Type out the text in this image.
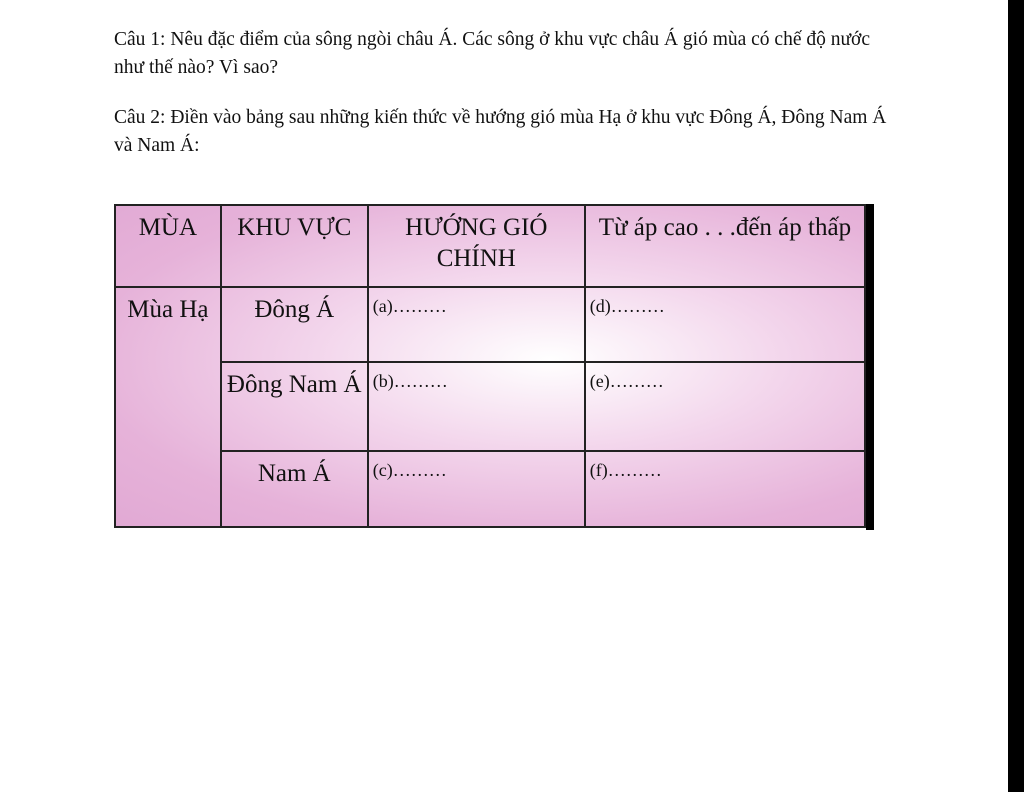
Câu 1: Nêu đặc điểm của sông ngòi châu Á. Các sông ở khu vực châu Á gió mùa có chế độ nước như thế nào? Vì sao?

Câu 2: Điền vào bảng sau những kiến thức về hướng gió mùa Hạ ở khu vực Đông Á, Đông Nam Á và Nam Á:

MÙA	KHU VỰC	HƯỚNG GIÓ CHÍNH	Từ áp cao . . .đến áp thấp
Mùa Hạ	Đông Á	(a)………	(d)………
	Đông Nam Á	(b)………	(e)………
	Nam Á	(c)………	(f)………
